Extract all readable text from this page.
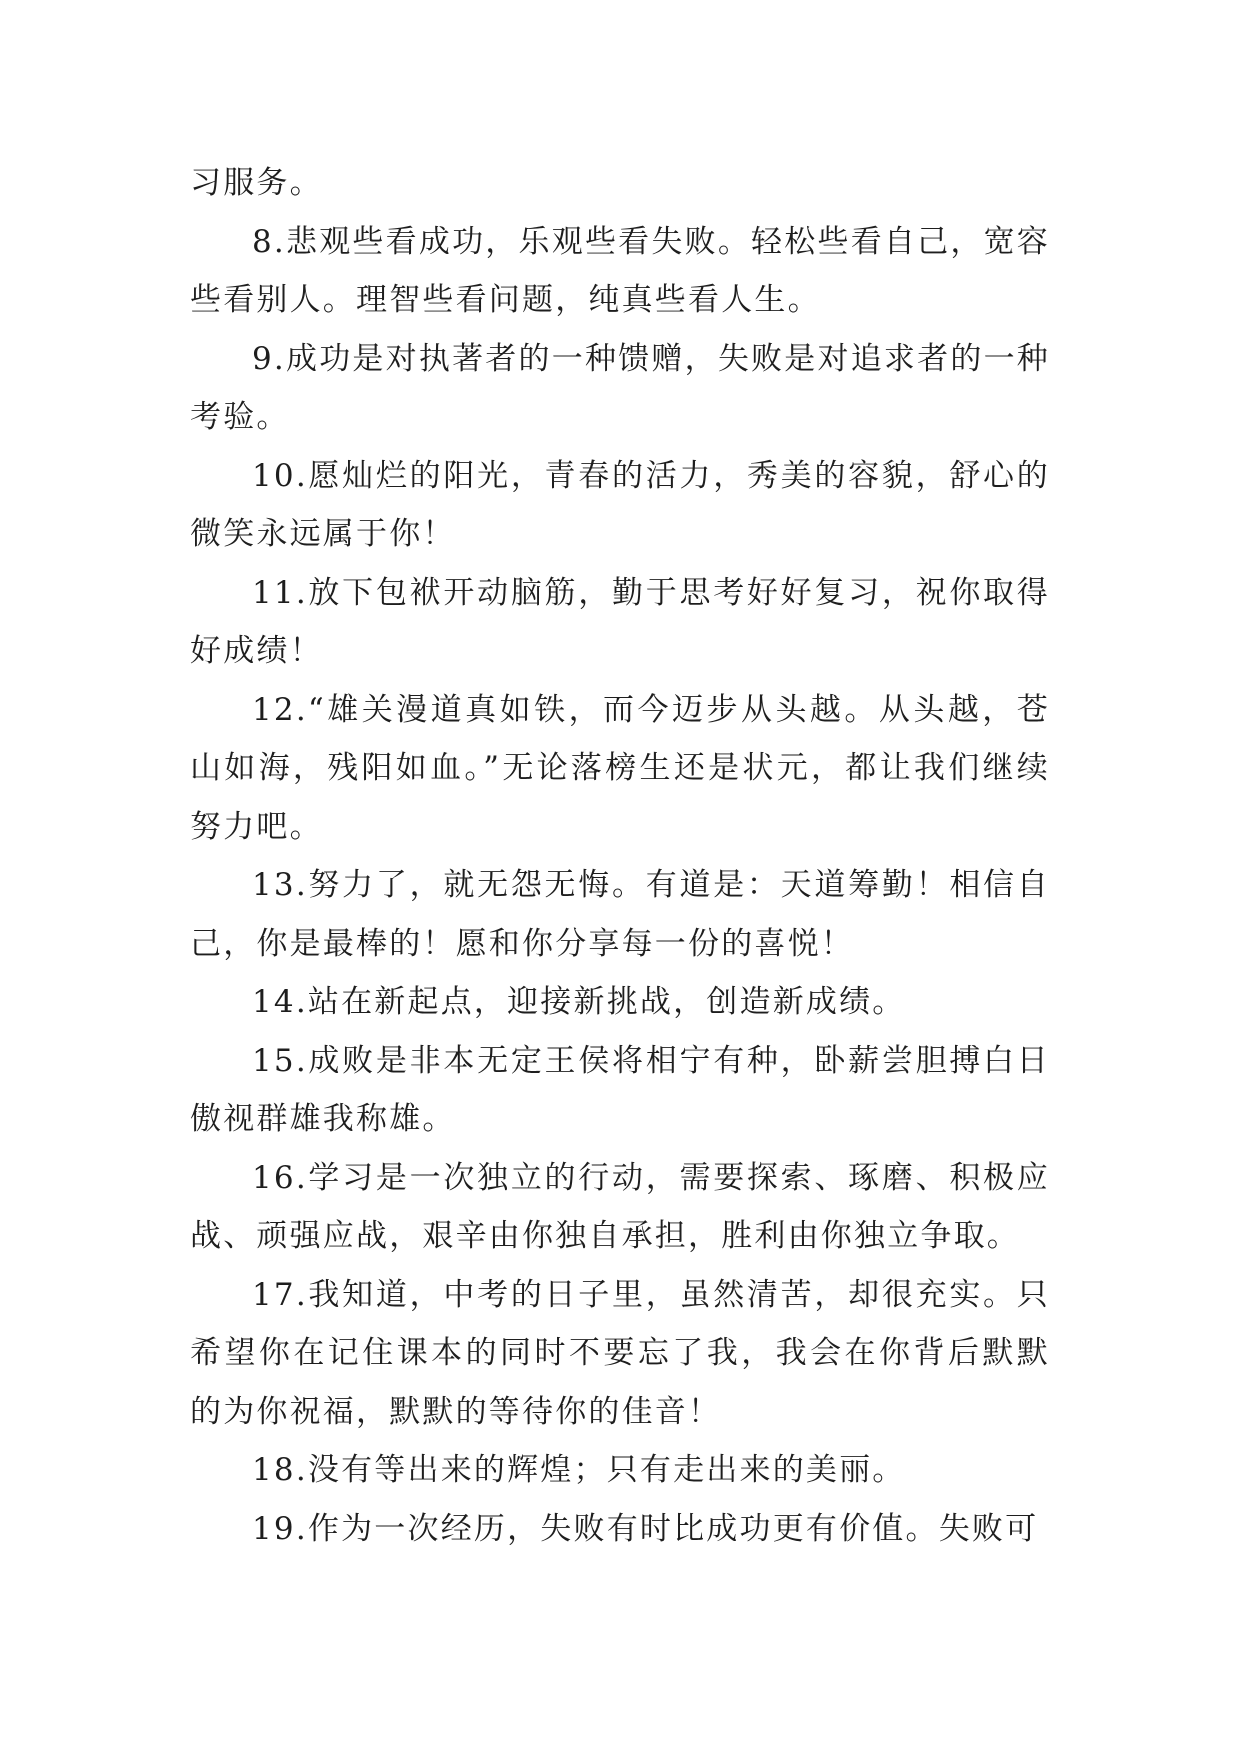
习服务。

8.悲观些看成功，乐观些看失败。轻松些看自己，宽容些看别人。理智些看问题，纯真些看人生。

9.成功是对执著者的一种馈赠，失败是对追求者的一种考验。

10.愿灿烂的阳光，青春的活力，秀美的容貌，舒心的微笑永远属于你！

11.放下包袱开动脑筋，勤于思考好好复习，祝你取得好成绩！

12.“雄关漫道真如铁，而今迈步从头越。从头越，苍山如海，残阳如血。”无论落榜生还是状元，都让我们继续努力吧。

13.努力了，就无怨无悔。有道是：天道筹勤！相信自己，你是最棒的！愿和你分享每一份的喜悦！

14.站在新起点，迎接新挑战，创造新成绩。

15.成败是非本无定王侯将相宁有种，卧薪尝胆搏白日傲视群雄我称雄。

16.学习是一次独立的行动，需要探索、琢磨、积极应战、顽强应战，艰辛由你独自承担，胜利由你独立争取。

17.我知道，中考的日子里，虽然清苦，却很充实。只希望你在记住课本的同时不要忘了我，我会在你背后默默的为你祝福，默默的等待你的佳音！

18.没有等出来的辉煌；只有走出来的美丽。

19.作为一次经历，失败有时比成功更有价值。失败可
